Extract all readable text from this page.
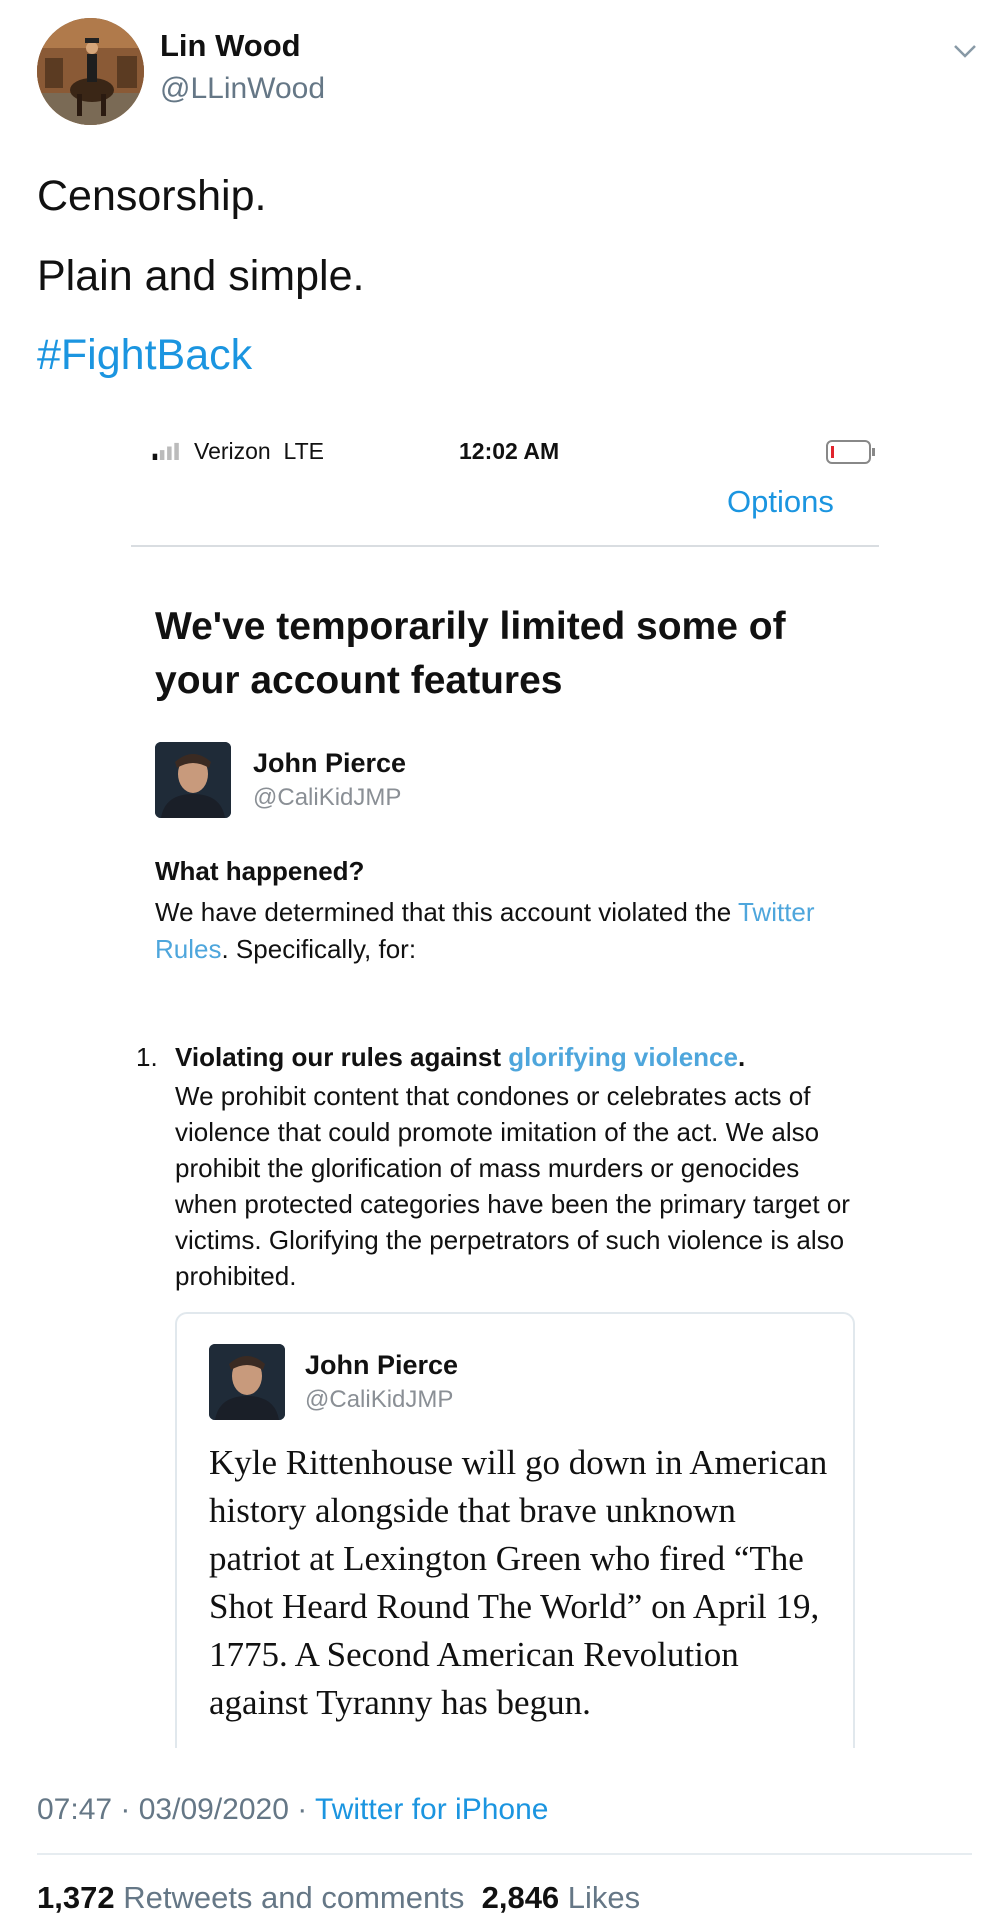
Lin Wood
@LLinWood
Censorship.
Plain and simple.
#FightBack
Verizon LTE	12:02 AM
Options
We've temporarily limited some of your account features
John Pierce
@CaliKidJMP
What happened?
We have determined that this account violated the Twitter Rules. Specifically, for:
1. Violating our rules against glorifying violence.
We prohibit content that condones or celebrates acts of violence that could promote imitation of the act. We also prohibit the glorification of mass murders or genocides when protected categories have been the primary target or victims. Glorifying the perpetrators of such violence is also prohibited.
John Pierce
@CaliKidJMP
Kyle Rittenhouse will go down in American history alongside that brave unknown patriot at Lexington Green who fired “The Shot Heard Round The World” on April 19, 1775. A Second American Revolution against Tyranny has begun.
07:47 · 03/09/2020 · Twitter for iPhone
1,372 Retweets and comments 2,846 Likes
